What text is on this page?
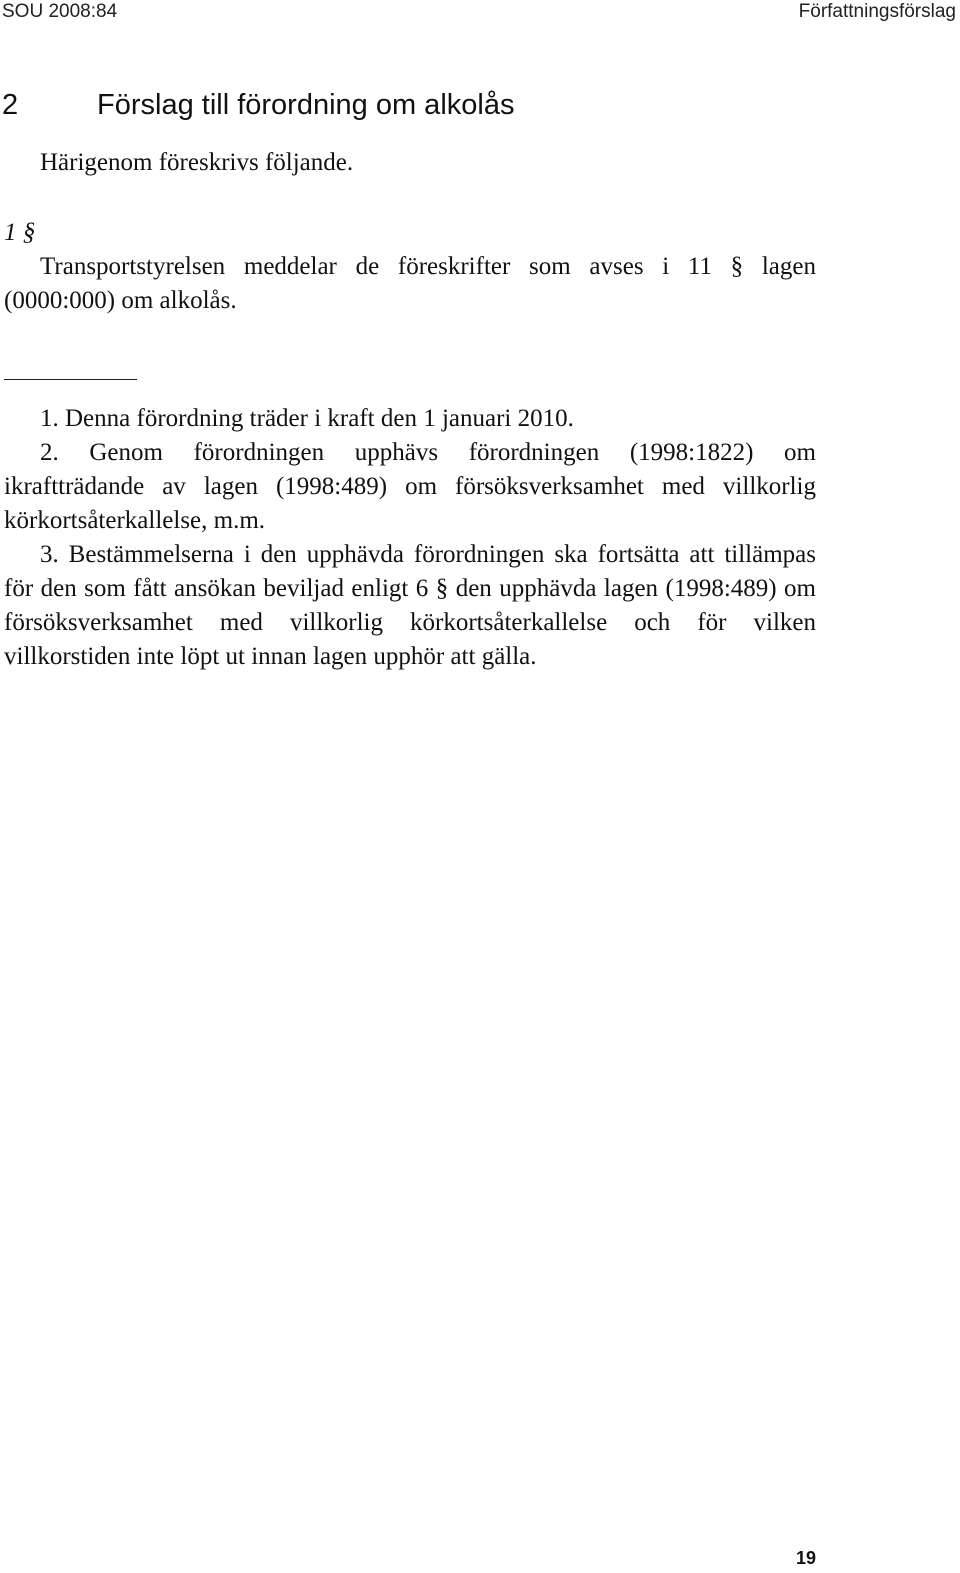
SOU 2008:84	Författningsförslag
2	Förslag till förordning om alkolås

Härigenom föreskrivs följande.

1 §

Transportstyrelsen meddelar de föreskrifter som avses i 11 § lagen (0000:000) om alkolås.

1. Denna förordning träder i kraft den 1 januari 2010.

2. Genom förordningen upphävs förordningen (1998:1822) om ikraftträdande av lagen (1998:489) om försöksverksamhet med villkorlig körkortsåterkallelse, m.m.

3. Bestämmelserna i den upphävda förordningen ska fortsätta att tillämpas för den som fått ansökan beviljad enligt 6 § den upphävda lagen (1998:489) om försöksverksamhet med villkorlig körkortsåterkallelse och för vilken villkorstiden inte löpt ut innan lagen upphör att gälla.

19
